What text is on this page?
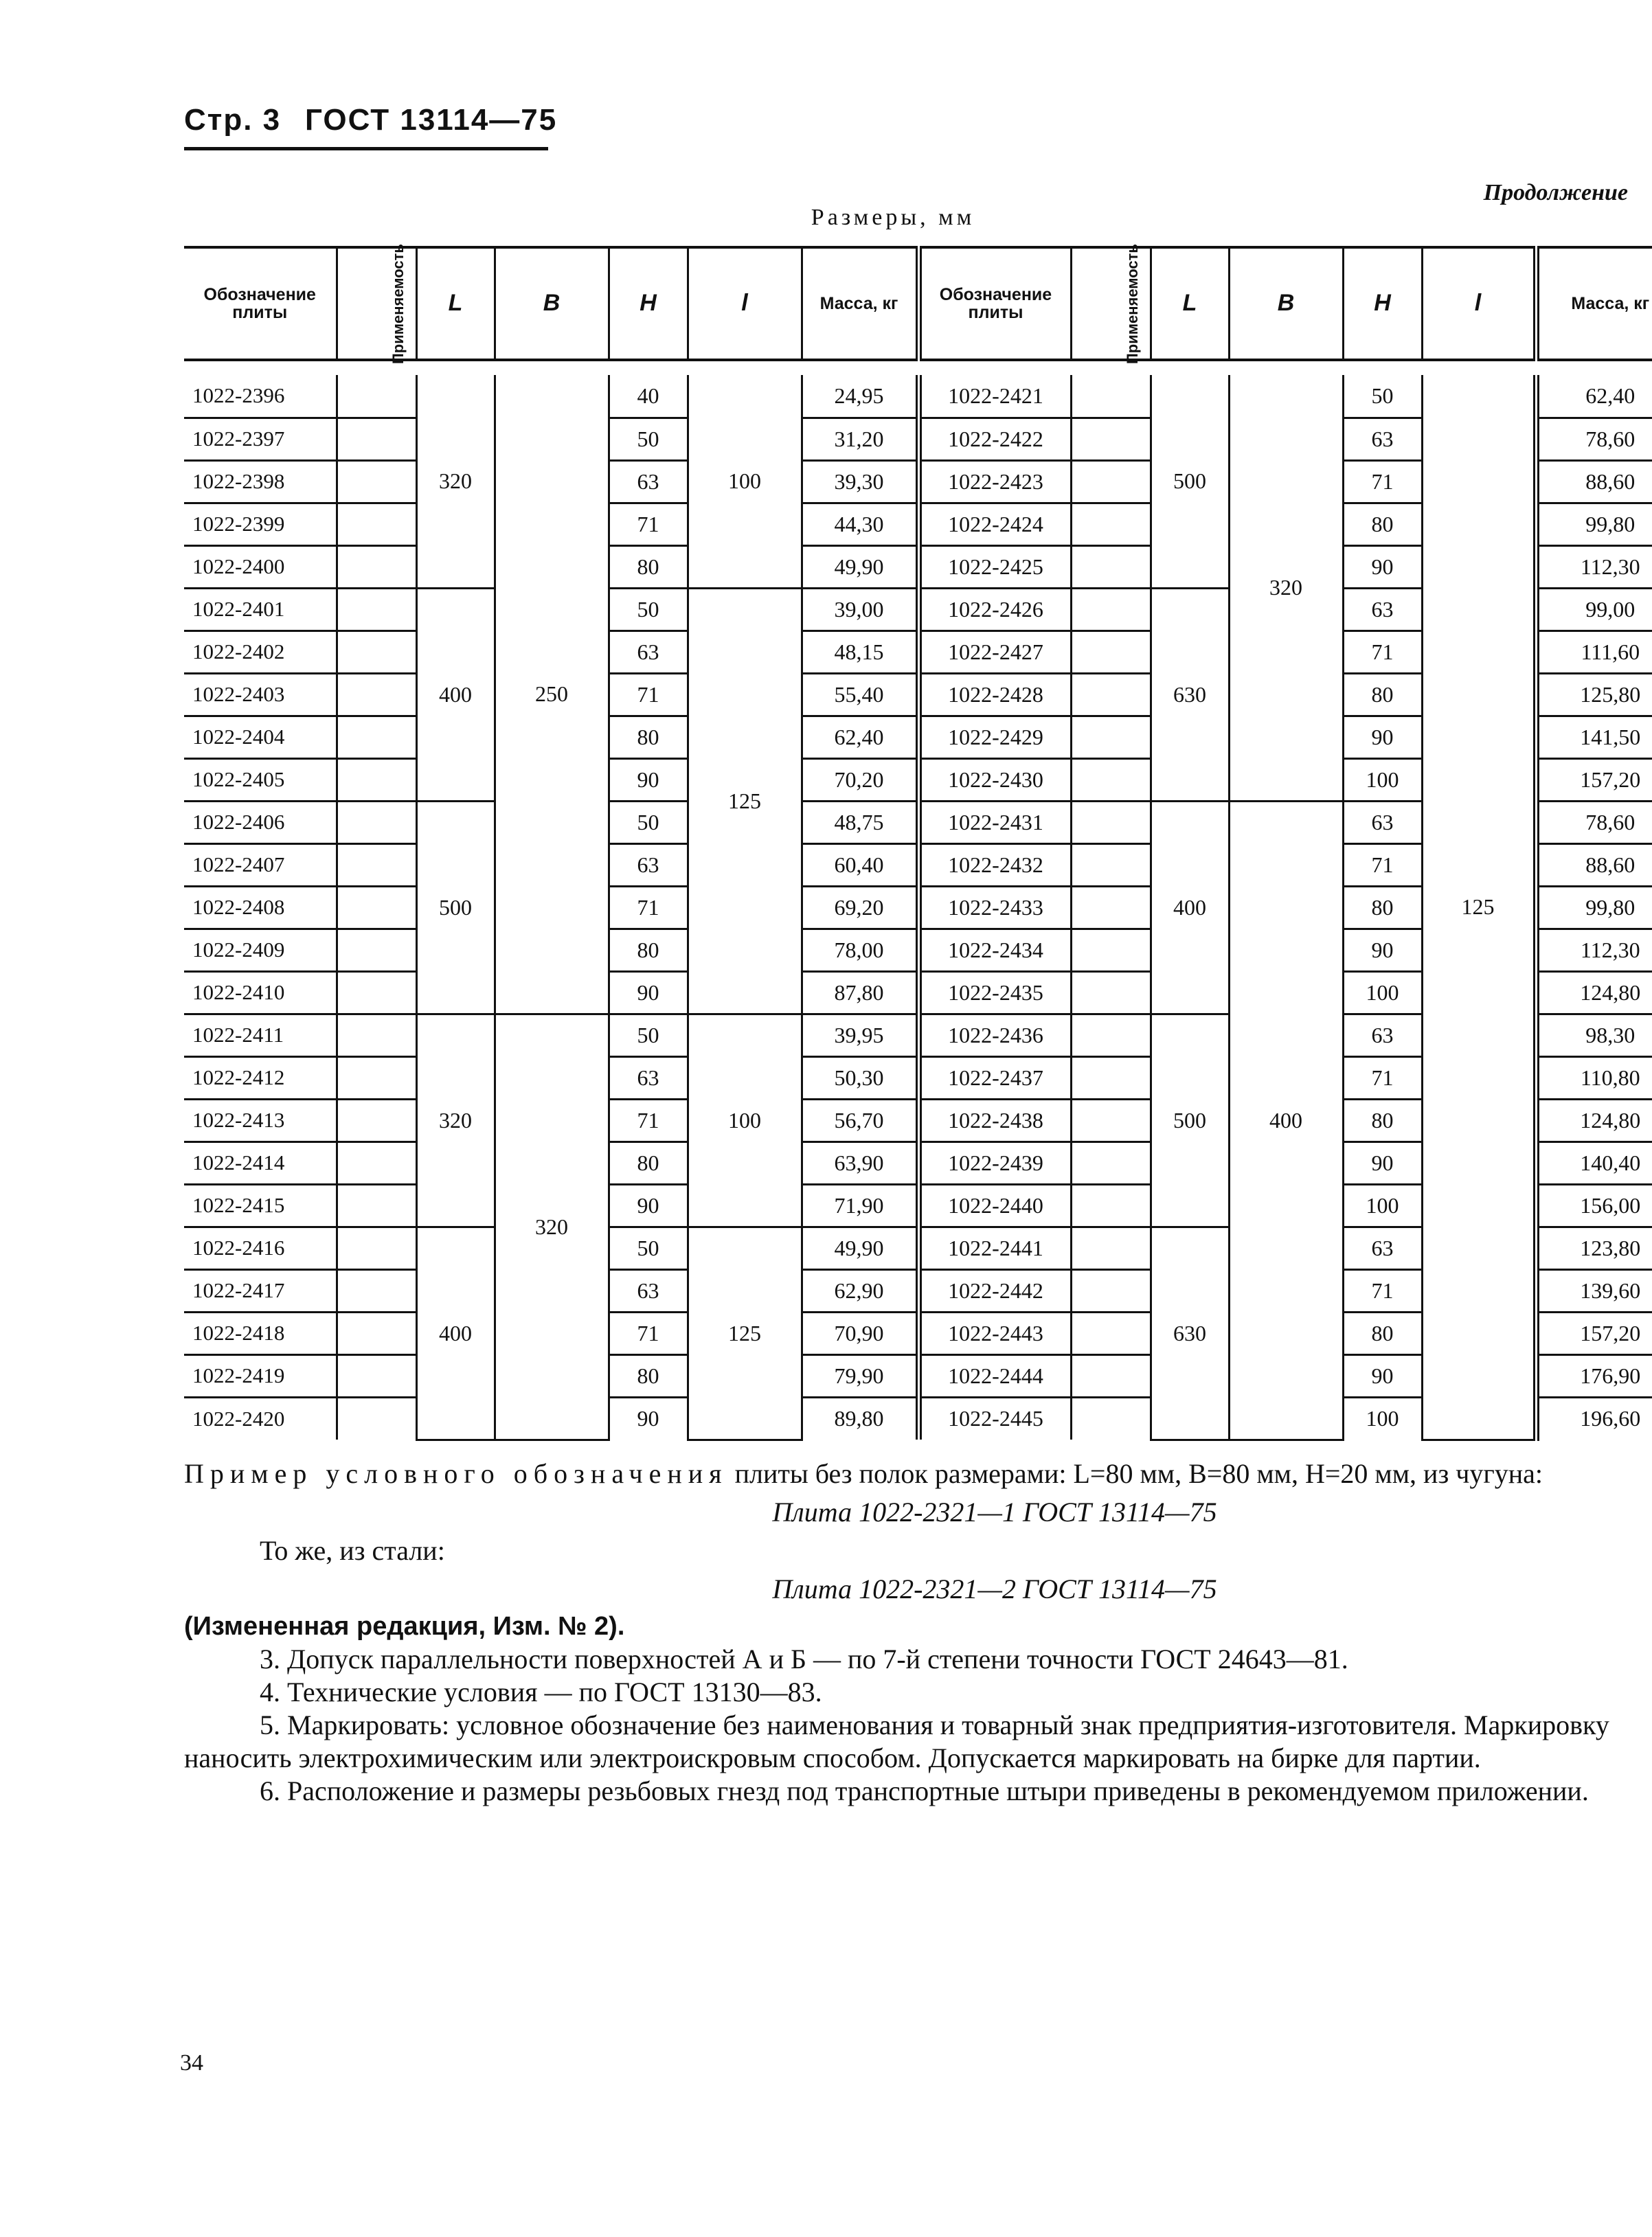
Стр. 3 ГОСТ 13114—75
Продолжение
Размеры, мм
Обозначение плиты	Применяемость	L	B	H	l	Масса, кг	Обозначение плиты	Применяемость	L	B	H	l	Масса, кг

1022-2396		320	250	40	100	24,95	1022-2421		500	320	50	125	62,40
1022-2397				50		31,20	1022-2422				63		78,60
1022-2398				63		39,30	1022-2423				71		88,60
1022-2399				71		44,30	1022-2424				80		99,80
1022-2400				80		49,90	1022-2425				90		112,30
1022-2401		400		50	125	39,00	1022-2426		630		63		99,00
1022-2402				63		48,15	1022-2427				71		111,60
1022-2403				71		55,40	1022-2428				80		125,80
1022-2404				80		62,40	1022-2429				90		141,50
1022-2405				90		70,20	1022-2430				100		157,20
1022-2406		500		50		48,75	1022-2431		400	400	63		78,60
1022-2407				63		60,40	1022-2432				71		88,60
1022-2408				71		69,20	1022-2433				80		99,80
1022-2409				80		78,00	1022-2434				90		112,30
1022-2410				90		87,80	1022-2435				100		124,80
1022-2411		320	320	50	100	39,95	1022-2436		500		63		98,30
1022-2412				63		50,30	1022-2437				71		110,80
1022-2413				71		56,70	1022-2438				80		124,80
1022-2414				80		63,90	1022-2439				90		140,40
1022-2415				90		71,90	1022-2440				100		156,00
1022-2416		400		50	125	49,90	1022-2441		630		63		123,80
1022-2417				63		62,90	1022-2442				71		139,60
1022-2418				71		70,90	1022-2443				80		157,20
1022-2419				80		79,90	1022-2444				90		176,90
1022-2420				90		89,80	1022-2445				100		196,60

Пример условного обозначения плиты без полок размерами: L=80 мм, B=80 мм, H=20 мм, из чугуна:

Плита 1022-2321—1 ГОСТ 13114—75

То же, из стали:

Плита 1022-2321—2 ГОСТ 13114—75

(Измененная редакция, Изм. № 2).

3. Допуск параллельности поверхностей А и Б — по 7-й степени точности ГОСТ 24643—81.

4. Технические условия — по ГОСТ 13130—83.

5. Маркировать: условное обозначение без наименования и товарный знак предприятия-изготовителя. Маркировку наносить электрохимическим или электроискровым способом. Допускается маркировать на бирке для партии.

6. Расположение и размеры резьбовых гнезд под транспортные штыри приведены в рекомендуемом приложении.

34
